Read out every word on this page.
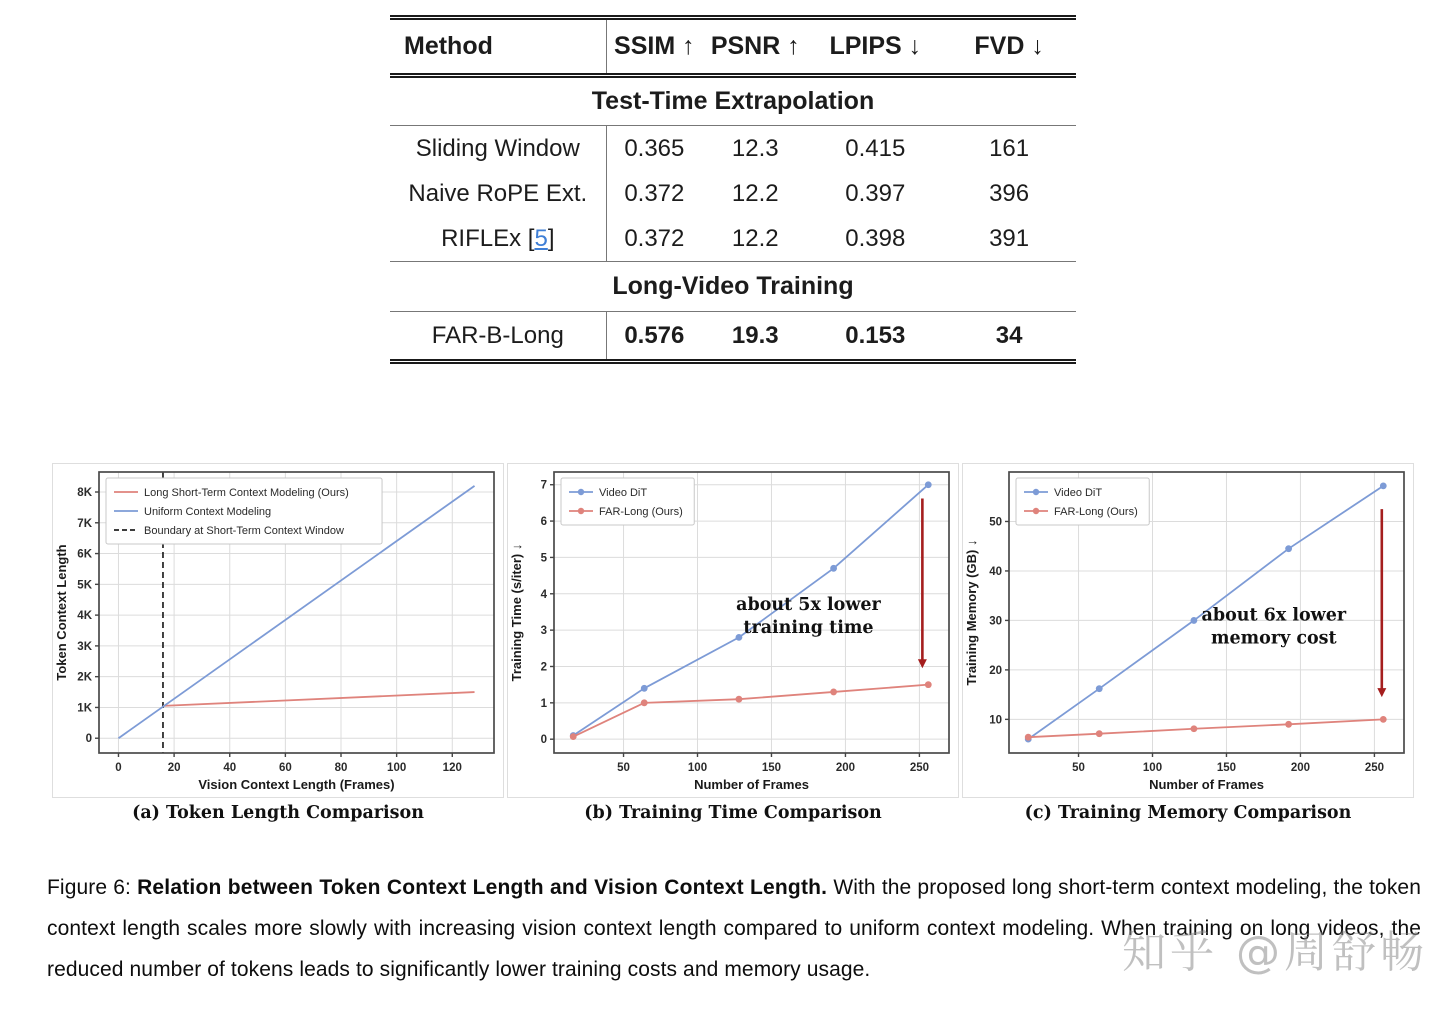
Method	SSIM ↑	PSNR ↑	LPIPS ↓	FVD ↓
Test-Time Extrapolation				
Sliding Window	0.365	12.3	0.415	161
Naive RoPE Ext.	0.372	12.2	0.397	396
RIFLEx [5]	0.372	12.2	0.398	391
Long-Video Training				
FAR-B-Long	0.576	19.3	0.153	34
0	20	40	60	80	100	120
0
1K
2K
3K
4K
5K
6K
7K
8K
Vision Context Length (Frames)
Token Context Length
Long Short-Term Context Modeling (Ours)
Uniform Context Modeling
Boundary at Short-Term Context Window
(a) Token Length Comparison
about 5x lower
training time
50	100	150	200	250
0
1
2
3
4
5
6
7
Number of Frames
Training Time (s/iter) ↓
Video DiT
FAR-Long (Ours)
(b) Training Time Comparison
about 6x lower
memory cost
50	100	150	200	250
10
20
30
40
50
Number of Frames
Training Memory (GB) ↓
Video DiT
FAR-Long (Ours)
(c) Training Memory Comparison
Figure 6: Relation between Token Context Length and Vision Context Length. With the proposed long short-term context modeling, the token context length scales more slowly with increasing vision context length compared to uniform context modeling. When training on long videos, the reduced number of tokens leads to significantly lower training costs and memory usage.	知乎 @周舒畅
